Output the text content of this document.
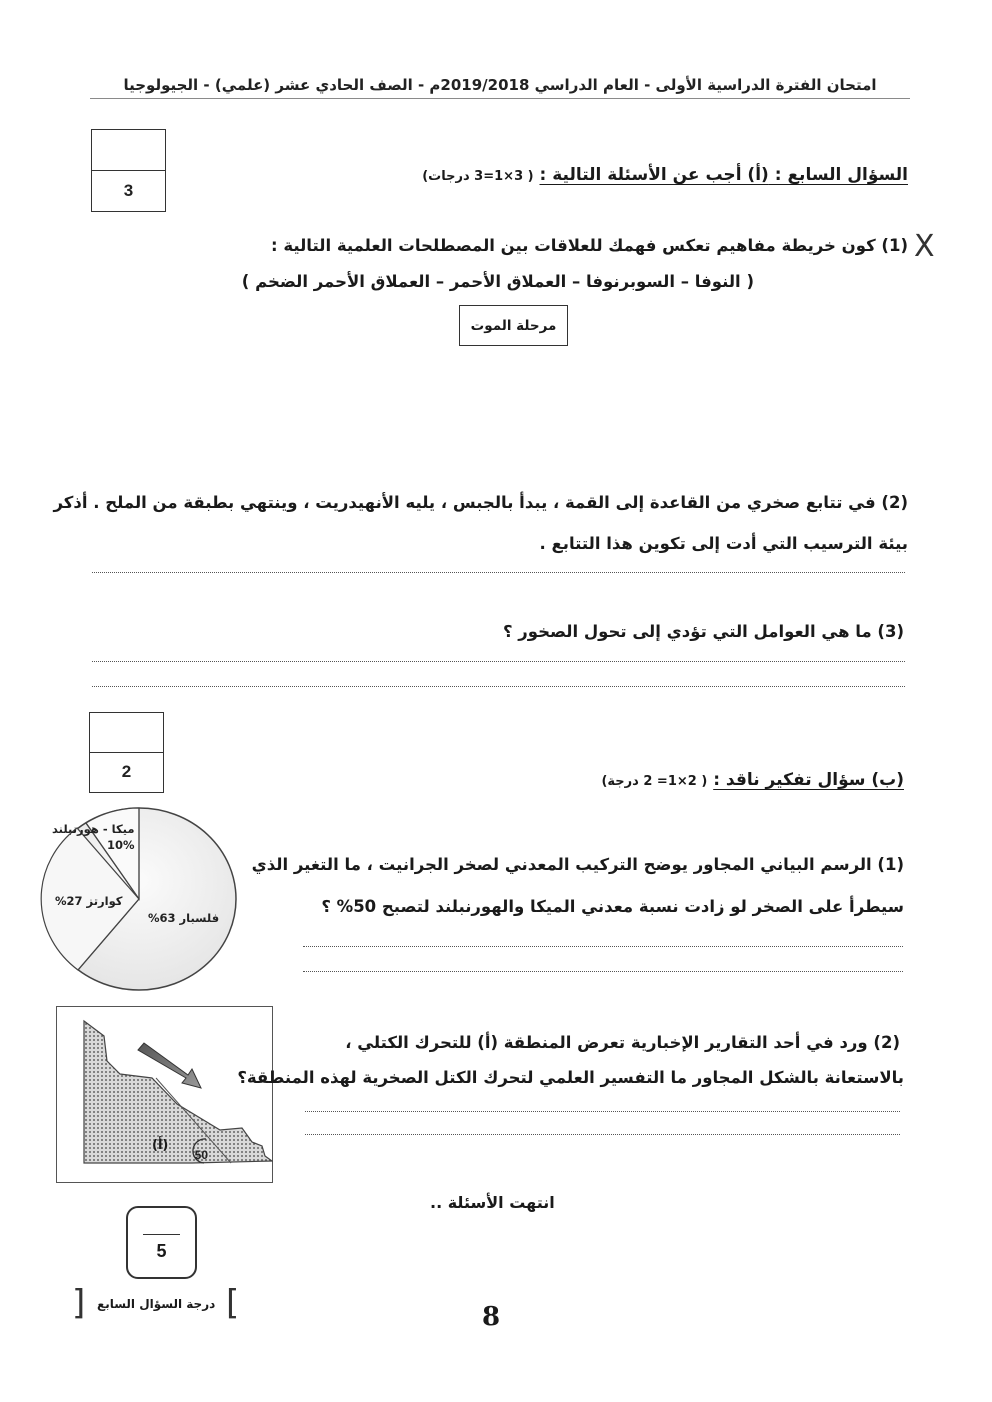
امتحان الفترة الدراسية الأولى - العام الدراسي 2019/2018م - الصف الحادي عشر (علمي) - الجيولوجيا
3
السؤال السابع : (أ) أجب عن الأسئلة التالية : ( 3×1=3 درجات)
X
(1) كون خريطة مفاهيم تعكس فهمك للعلاقات بين المصطلحات العلمية التالية :
( النوفا – السوبرنوفا – العملاق الأحمر – العملاق الأحمر الضخم )
مرحلة الموت
(2) في تتابع صخري من القاعدة إلى القمة ، يبدأ بالجبس ، يليه الأنهيدريت ، وينتهي بطبقة من الملح . أذكر
بيئة الترسيب التي أدت إلى تكوين هذا التتابع .
(3) ما هي العوامل التي تؤدي إلى تحول الصخور ؟
2	(ب) سؤال تفكير ناقد : ( 2×1= 2 درجة)
ميكا - هورنبلند
10%
كوارتز 27%
فلسبار 63%
(1) الرسم البياني المجاور يوضح التركيب المعدني لصخر الجرانيت ، ما التغير الذي
سيطرأ على الصخر لو زادت نسبة معدني الميكا والهورنبلند لتصبح 50% ؟
50
(أ)
(2) ورد في أحد التقارير الإخبارية تعرض المنطقة (أ) للتحرك الكتلي ،
بالاستعانة بالشكل المجاور ما التفسير العلمي لتحرك الكتل الصخرية لهذه المنطقة؟
انتهت الأسئلة ..
5
[ درجة السؤال السابع ]	8
